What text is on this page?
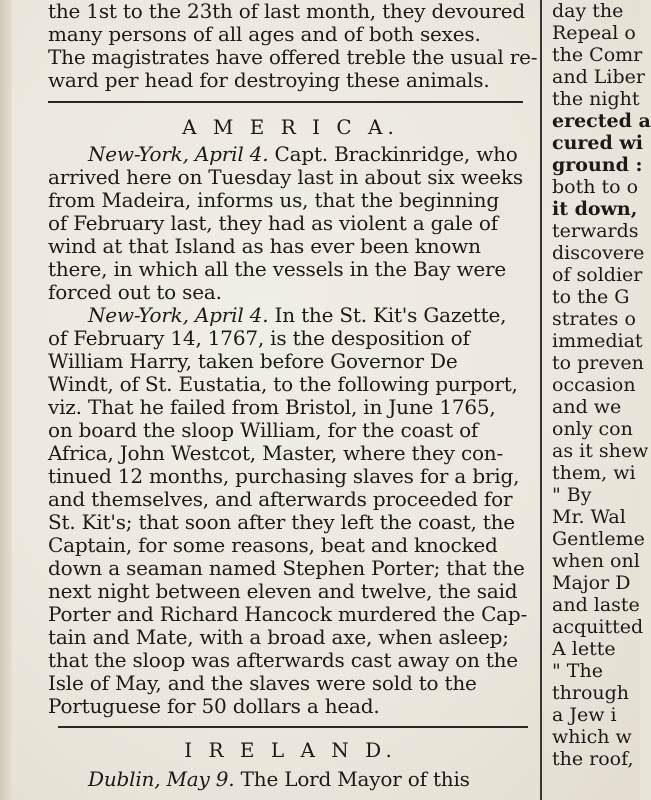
the 1st to the 23th of last month, they devoured
many persons of all ages and of both sexes.
The magistrates have offered treble the usual re-
ward per head for destroying these animals.
A M E R I C A.
New-York, April 4. Capt. Brackinridge, who
arrived here on Tuesday last in about six weeks
from Madeira, informs us, that the beginning
of February last, they had as violent a gale of
wind at that Island as has ever been known
there, in which all the vessels in the Bay were
forced out to sea.
New-York, April 4. In the St. Kit's Gazette,
of February 14, 1767, is the desposition of
William Harry, taken before Governor De
Windt, of St. Eustatia, to the following purport,
viz. That he failed from Bristol, in June 1765,
on board the sloop William, for the coast of
Africa, John Westcot, Master, where they con-
tinued 12 months, purchasing slaves for a brig,
and themselves, and afterwards proceeded for
St. Kit's; that soon after they left the coast, the
Captain, for some reasons, beat and knocked
down a seaman named Stephen Porter; that the
next night between eleven and twelve, the said
Porter and Richard Hancock murdered the Cap-
tain and Mate, with a broad axe, when asleep;
that the sloop was afterwards cast away on the
Isle of May, and the slaves were sold to the
Portuguese for 50 dollars a head.
I R E L A N D.
Dublin, May 9. The Lord Mayor of this
day the
Repeal o
the Comr
and Liber
the night
erected a
cured wi
ground :
both to o
it down,
terwards
discovere
of soldier
to the G
strates o
immediat
to preven
occasion
and we
only con
as it shew
them, wi
" By
Mr. Wal
Gentleme
when onl
Major D
and laste
acquitted
A lette
" The
through
a Jew i
which w
the roof,
